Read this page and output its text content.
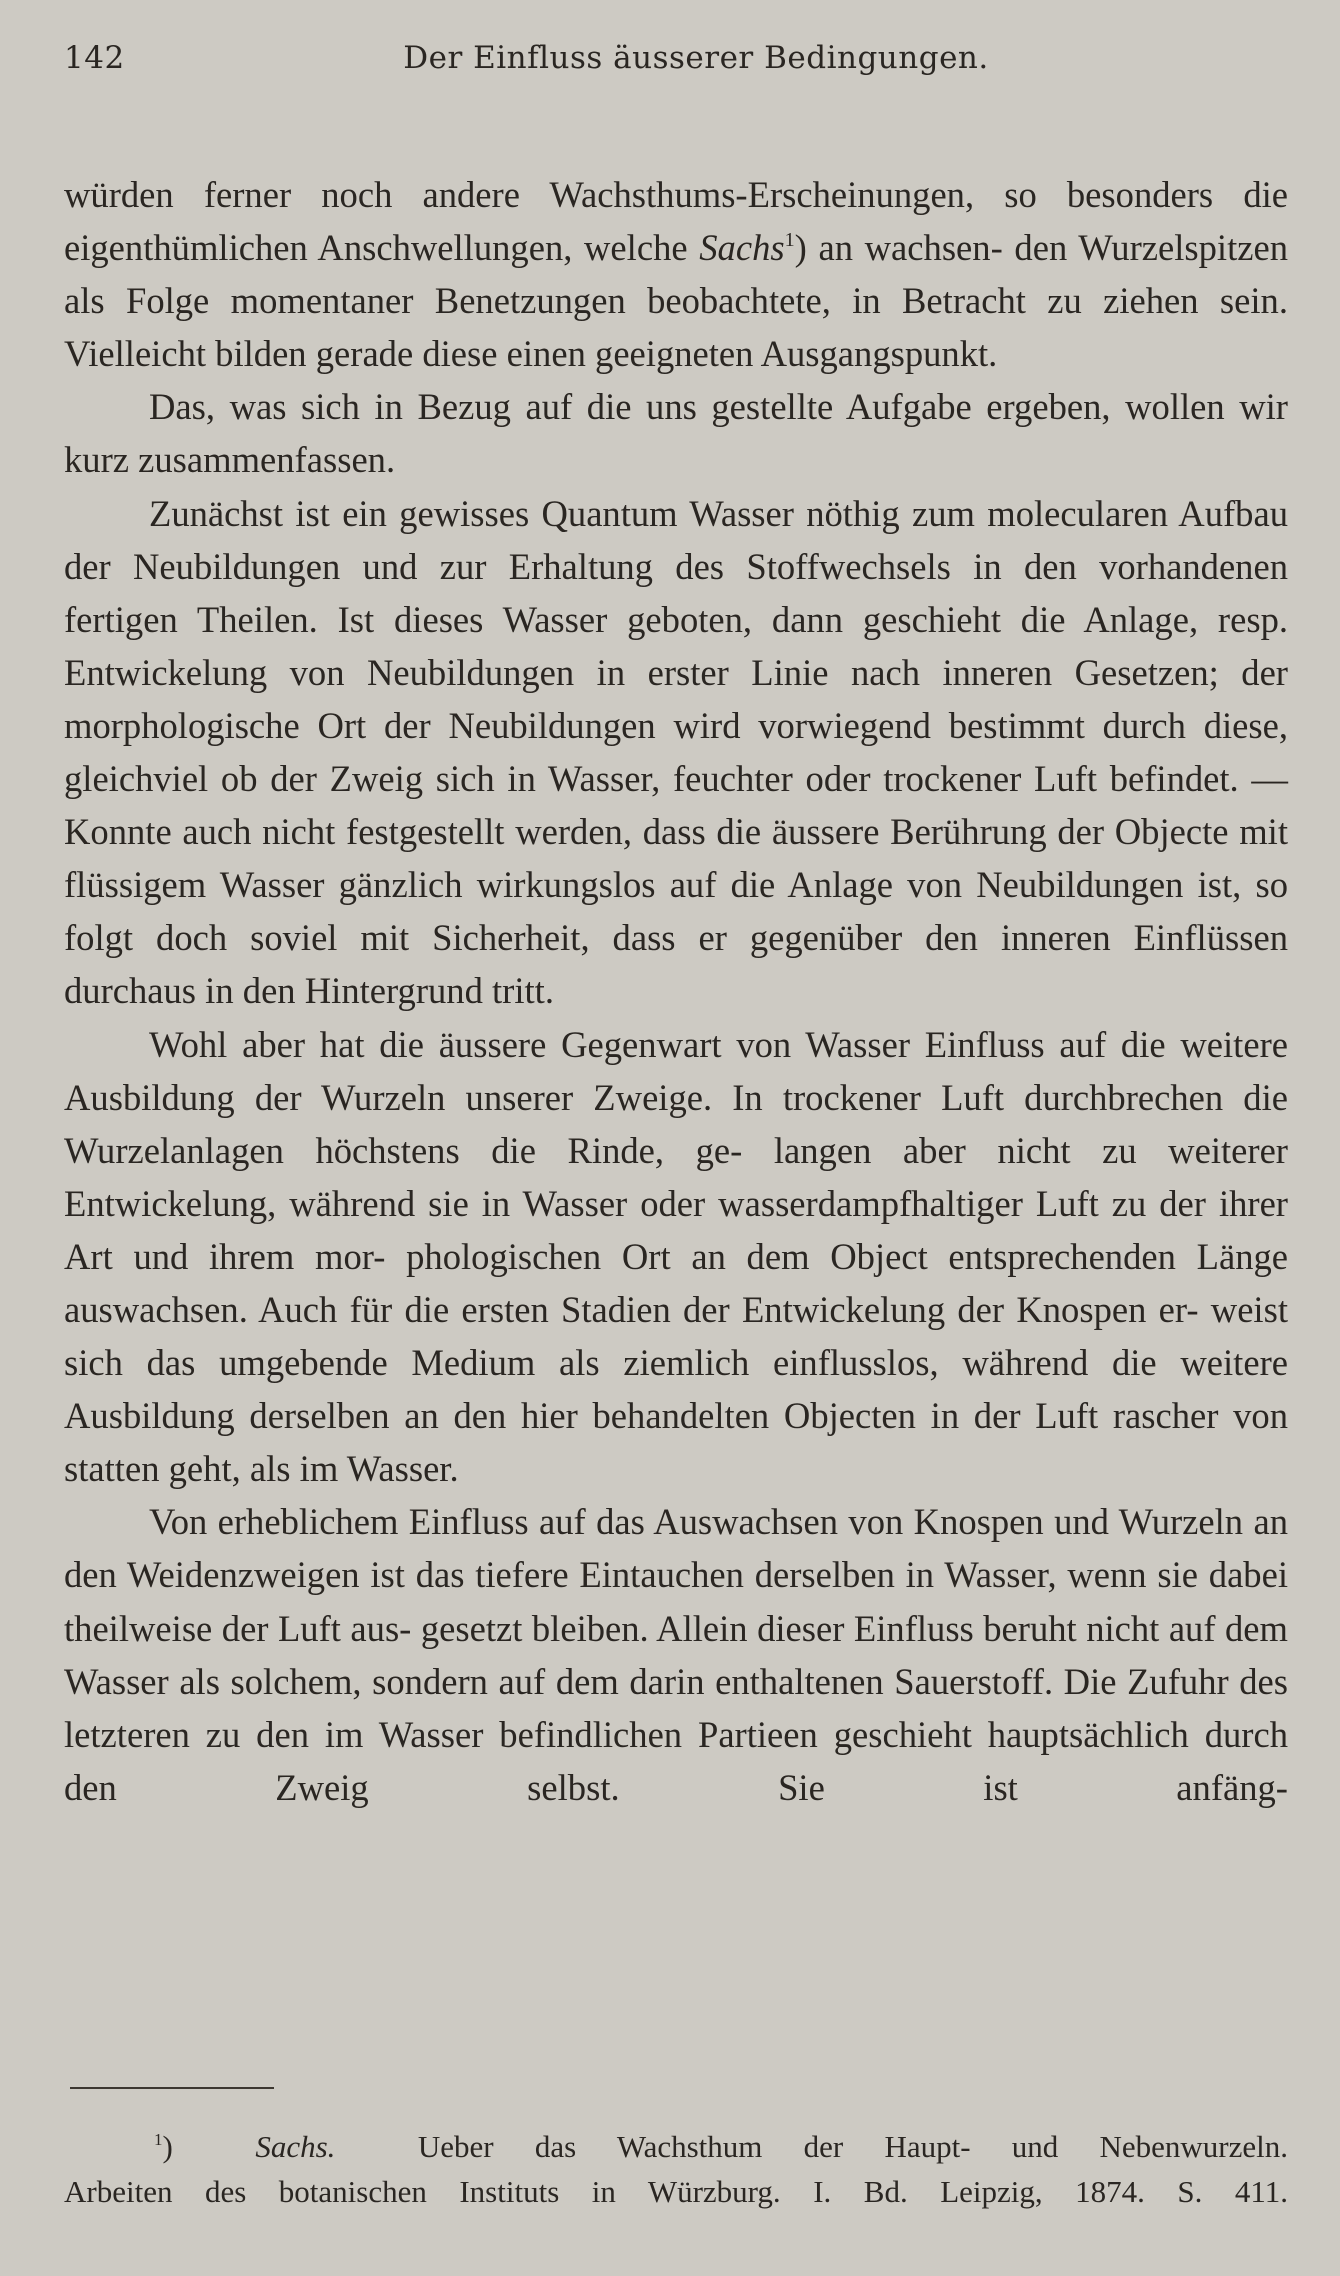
142	Der Einfluss äusserer Bedingungen.

würden ferner noch andere Wachsthums-Erscheinungen, so besonders die eigenthümlichen Anschwellungen, welche Sachs$^1$) an wachsen- den Wurzelspitzen als Folge momentaner Benetzungen beobachtete, in Betracht zu ziehen sein. Vielleicht bilden gerade diese einen geeigneten Ausgangspunkt.

Das, was sich in Bezug auf die uns gestellte Aufgabe ergeben, wollen wir kurz zusammenfassen.

Zunächst ist ein gewisses Quantum Wasser nöthig zum molecularen Aufbau der Neubildungen und zur Erhaltung des Stoffwechsels in den vorhandenen fertigen Theilen. Ist dieses Wasser geboten, dann geschieht die Anlage, resp. Entwickelung von Neubildungen in erster Linie nach inneren Gesetzen; der morphologische Ort der Neubildungen wird vorwiegend bestimmt durch diese, gleichviel ob der Zweig sich in Wasser, feuchter oder trockener Luft befindet. — Konnte auch nicht festgestellt werden, dass die äussere Berührung der Objecte mit flüssigem Wasser gänzlich wirkungslos auf die Anlage von Neubildungen ist, so folgt doch soviel mit Sicherheit, dass er gegenüber den inneren Einflüssen durchaus in den Hintergrund tritt.

Wohl aber hat die äussere Gegenwart von Wasser Einfluss auf die weitere Ausbildung der Wurzeln unserer Zweige. In trockener Luft durchbrechen die Wurzelanlagen höchstens die Rinde, ge- langen aber nicht zu weiterer Entwickelung, während sie in Wasser oder wasserdampfhaltiger Luft zu der ihrer Art und ihrem mor- phologischen Ort an dem Object entsprechenden Länge auswachsen. Auch für die ersten Stadien der Entwickelung der Knospen er- weist sich das umgebende Medium als ziemlich einflusslos, während die weitere Ausbildung derselben an den hier behandelten Objecten in der Luft rascher von statten geht, als im Wasser.

Von erheblichem Einfluss auf das Auswachsen von Knospen und Wurzeln an den Weidenzweigen ist das tiefere Eintauchen derselben in Wasser, wenn sie dabei theilweise der Luft aus- gesetzt bleiben. Allein dieser Einfluss beruht nicht auf dem Wasser als solchem, sondern auf dem darin enthaltenen Sauerstoff. Die Zufuhr des letzteren zu den im Wasser befindlichen Partieen geschieht hauptsächlich durch den Zweig selbst. Sie ist anfäng-

$^1$)  Sachs.	Ueber das Wachsthum der Haupt- und Nebenwurzeln.
Arbeiten des botanischen Instituts in Würzburg. I. Bd. Leipzig, 1874. S. 411.
